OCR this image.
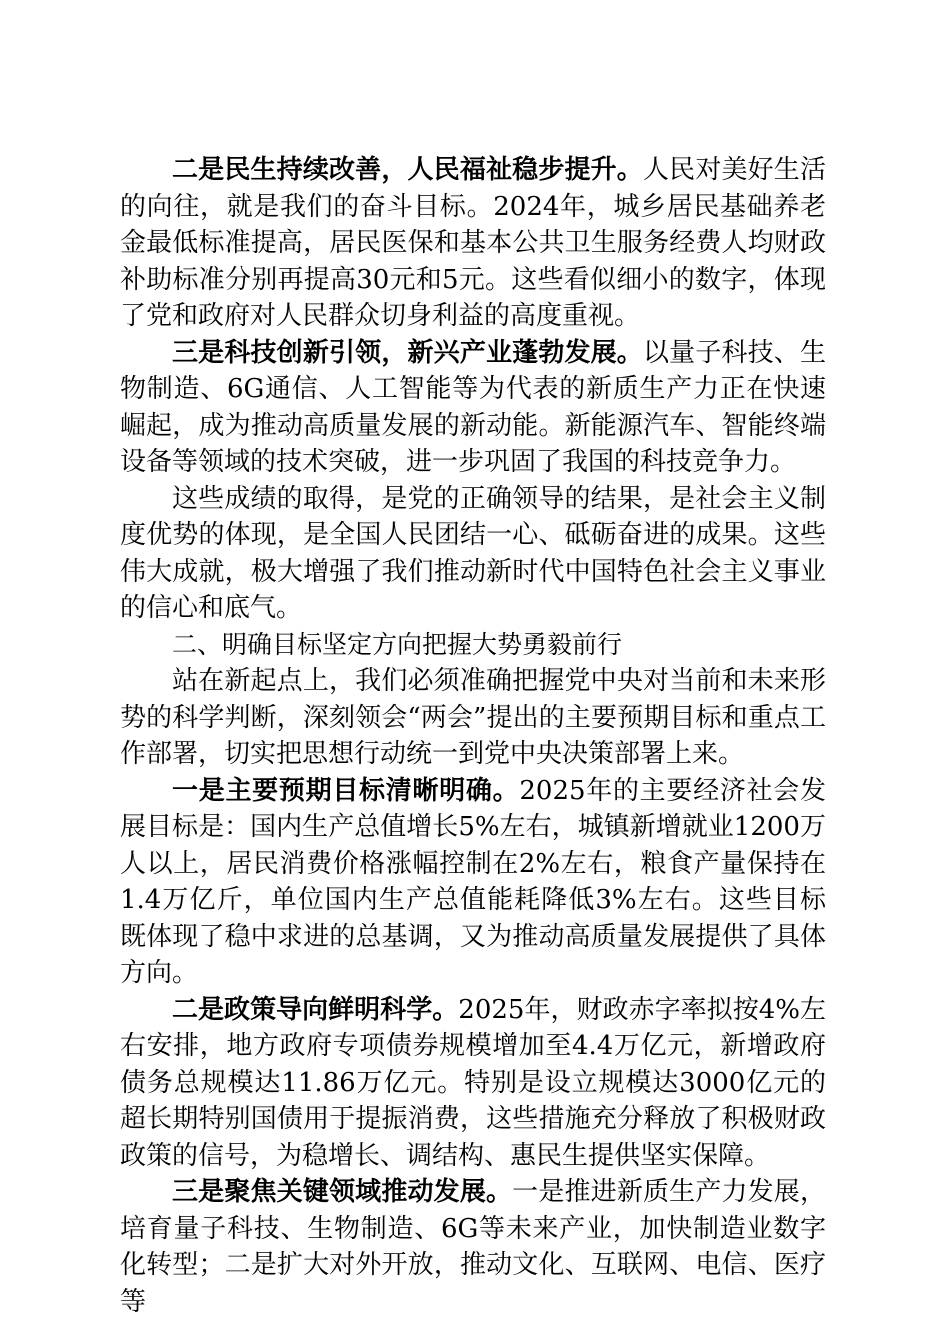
二是民生持续改善，人民福祉稳步提升。人民对美好生活的向往，就是我们的奋斗目标。2024年，城乡居民基础养老金最低标准提高，居民医保和基本公共卫生服务经费人均财政补助标准分别再提高30元和5元。这些看似细小的数字，体现了党和政府对人民群众切身利益的高度重视。

三是科技创新引领，新兴产业蓬勃发展。以量子科技、生物制造、6G通信、人工智能等为代表的新质生产力正在快速崛起，成为推动高质量发展的新动能。新能源汽车、智能终端设备等领域的技术突破，进一步巩固了我国的科技竞争力。

这些成绩的取得，是党的正确领导的结果，是社会主义制度优势的体现，是全国人民团结一心、砥砺奋进的成果。这些伟大成就，极大增强了我们推动新时代中国特色社会主义事业的信心和底气。

二、明确目标坚定方向把握大势勇毅前行

站在新起点上，我们必须准确把握党中央对当前和未来形势的科学判断，深刻领会“两会”提出的主要预期目标和重点工作部署，切实把思想行动统一到党中央决策部署上来。

一是主要预期目标清晰明确。2025年的主要经济社会发展目标是：国内生产总值增长5%左右，城镇新增就业1200万人以上，居民消费价格涨幅控制在2%左右，粮食产量保持在1.4万亿斤，单位国内生产总值能耗降低3%左右。这些目标既体现了稳中求进的总基调，又为推动高质量发展提供了具体方向。

二是政策导向鲜明科学。2025年，财政赤字率拟按4%左右安排，地方政府专项债券规模增加至4.4万亿元，新增政府债务总规模达11.86万亿元。特别是设立规模达3000亿元的超长期特别国债用于提振消费，这些措施充分释放了积极财政政策的信号，为稳增长、调结构、惠民生提供坚实保障。

三是聚焦关键领域推动发展。一是推进新质生产力发展，培育量子科技、生物制造、6G等未来产业，加快制造业数字化转型；二是扩大对外开放，推动文化、互联网、电信、医疗等
